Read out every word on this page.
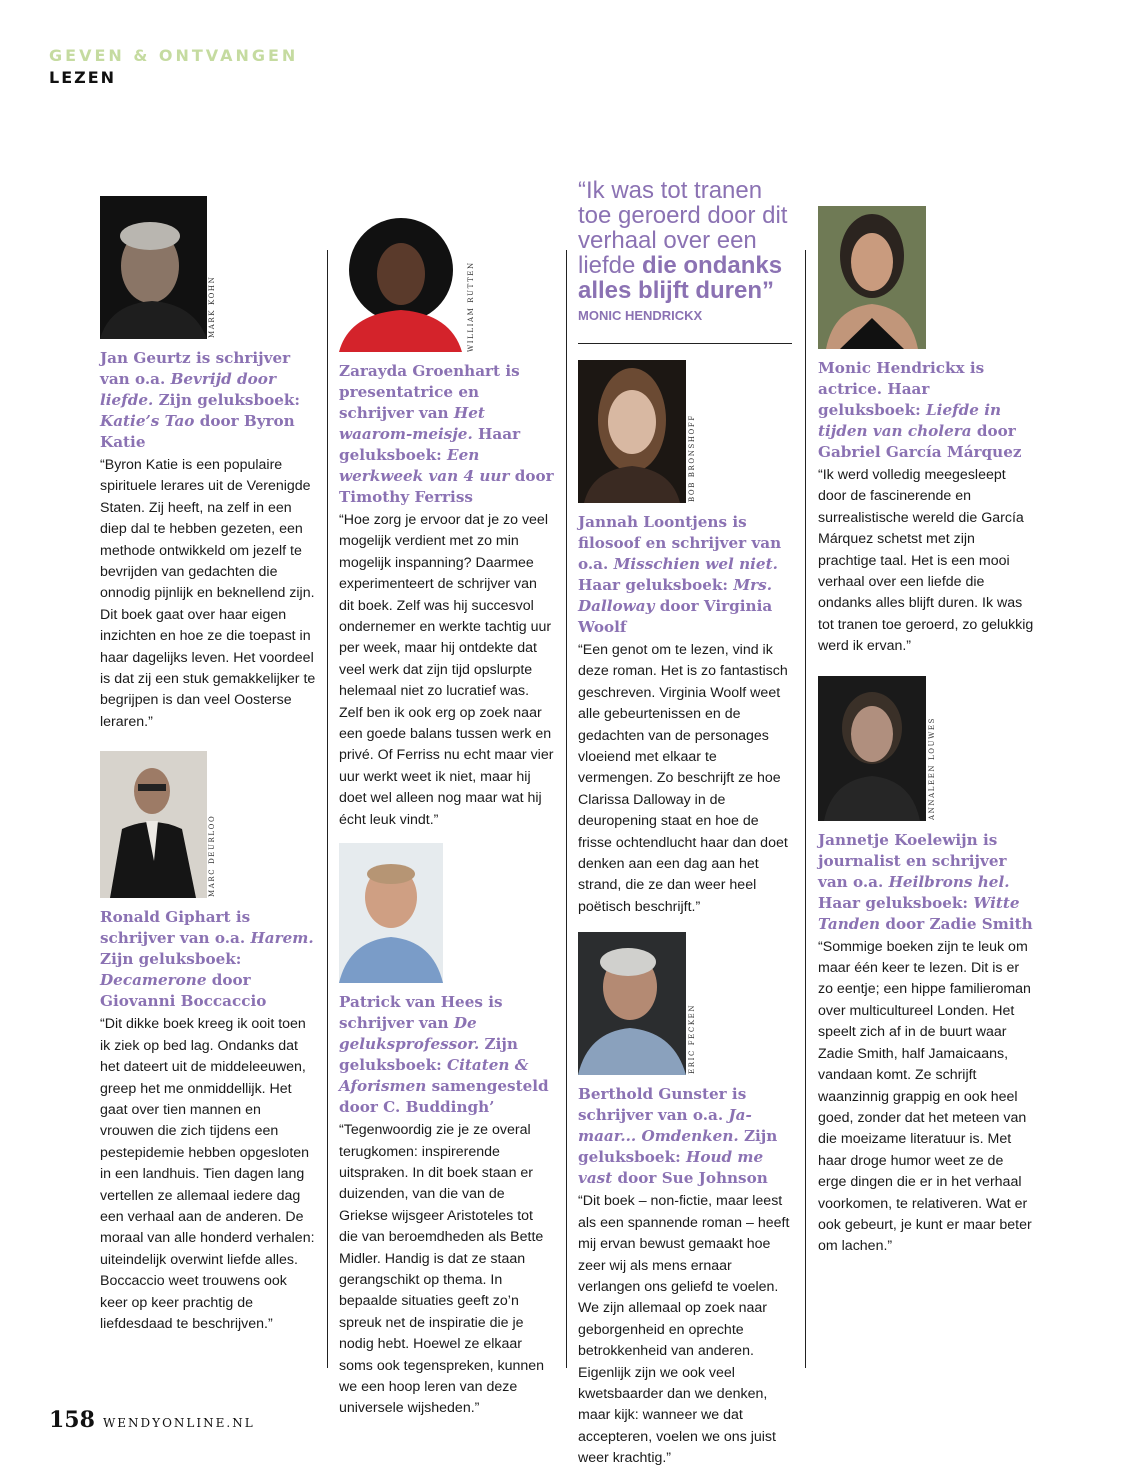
GEVEN & ONTVANGEN
LEZEN
MARK KOHN
Jan Geurtz is schrijver van o.a. Bevrijd door liefde. Zijn geluksboek: Katie’s Tao door Byron Katie
“Byron Katie is een populaire spirituele lerares uit de Verenigde Staten. Zij heeft, na zelf in een diep dal te hebben gezeten, een methode ontwikkeld om jezelf te bevrijden van gedachten die onnodig pijnlijk en beknellend zijn. Dit boek gaat over haar eigen inzichten en hoe ze die toepast in haar dagelijks leven. Het voordeel is dat zij een stuk gemakkelijker te begrijpen is dan veel Oosterse leraren.”
MARC DEURLOO
Ronald Giphart is schrijver van o.a. Harem. Zijn geluksboek: Decamerone door Giovanni Boccaccio
“Dit dikke boek kreeg ik ooit toen ik ziek op bed lag. Ondanks dat het dateert uit de middeleeuwen, greep het me onmiddellijk. Het gaat over tien mannen en vrouwen die zich tijdens een pestepidemie hebben opgesloten in een landhuis. Tien dagen lang vertellen ze allemaal iedere dag een verhaal aan de anderen. De moraal van alle honderd verhalen: uiteindelijk overwint liefde alles. Boccaccio weet trouwens ook keer op keer prachtig de liefdesdaad te beschrijven.”
WILLIAM RUTTEN
Zarayda Groenhart is presentatrice en schrijver van Het waarom-meisje. Haar geluksboek: Een werkweek van 4 uur door Timothy Ferriss
“Hoe zorg je ervoor dat je zo veel mogelijk verdient met zo min mogelijk inspanning? Daarmee experimenteert de schrijver van dit boek. Zelf was hij succesvol ondernemer en werkte tachtig uur per week, maar hij ontdekte dat veel werk dat zijn tijd opslurpte helemaal niet zo lucratief was. Zelf ben ik ook erg op zoek naar een goede balans tussen werk en privé. Of Ferriss nu echt maar vier uur werkt weet ik niet, maar hij doet wel alleen nog maar wat hij écht leuk vindt.”
Patrick van Hees is schrijver van De geluksprofessor. Zijn geluksboek: Citaten & Aforismen samengesteld door C. Buddingh’
“Tegenwoordig zie je ze overal terugkomen: inspirerende uitspraken. In dit boek staan er duizenden, van die van de Griekse wijsgeer Aristoteles tot die van beroemdheden als Bette Midler. Handig is dat ze staan gerangschikt op thema. In bepaalde situaties geeft zo’n spreuk net de inspiratie die je nodig hebt. Hoewel ze elkaar soms ook tegenspreken, kunnen we een hoop leren van deze universele wijsheden.”
“Ik was tot tranen toe geroerd door dit verhaal over een liefde die ondanks alles blijft duren”
MONIC HENDRICKX
BOB BRONSHOFF
Jannah Loontjens is filosoof en schrijver van o.a. Misschien wel niet. Haar geluksboek: Mrs. Dalloway door Virginia Woolf
“Een genot om te lezen, vind ik deze roman. Het is zo fantastisch geschreven. Virginia Woolf weet alle gebeurtenissen en de gedachten van de personages vloeiend met elkaar te vermengen. Zo beschrijft ze hoe Clarissa Dalloway in de deuropening staat en hoe de frisse ochtendlucht haar dan doet denken aan een dag aan het strand, die ze dan weer heel poëtisch beschrijft.”
ERIC FECKEN
Berthold Gunster is schrijver van o.a. Ja-maar... Omdenken. Zijn geluksboek: Houd me vast door Sue Johnson
“Dit boek – non-fictie, maar leest als een spannende roman – heeft mij ervan bewust gemaakt hoe zeer wij als mens ernaar verlangen ons geliefd te voelen. We zijn allemaal op zoek naar geborgenheid en oprechte betrokkenheid van anderen. Eigenlijk zijn we ook veel kwetsbaarder dan we denken, maar kijk: wanneer we dat accepteren, voelen we ons juist weer krachtig.”
Monic Hendrickx is actrice. Haar geluksboek: Liefde in tijden van cholera door Gabriel García Márquez
“Ik werd volledig meegesleept door de fascinerende en surrealistische wereld die García Márquez schetst met zijn prachtige taal. Het is een mooi verhaal over een liefde die ondanks alles blijft duren. Ik was tot tranen toe geroerd, zo gelukkig werd ik ervan.”
ANNALEEN LOUWES
Jannetje Koelewijn is journalist en schrijver van o.a. Heilbrons hel. Haar geluksboek: Witte Tanden door Zadie Smith
“Sommige boeken zijn te leuk om maar één keer te lezen. Dit is er zo eentje; een hippe familieroman over multicultureel Londen. Het speelt zich af in de buurt waar Zadie Smith, half Jamaicaans, vandaan komt. Ze schrijft waanzinnig grappig en ook heel goed, zonder dat het meteen van die moeizame literatuur is. Met haar droge humor weet ze de erge dingen die er in het verhaal voorkomen, te relativeren. Wat er ook gebeurt, je kunt er maar beter om lachen.”
158 WENDYONLINE.NL
